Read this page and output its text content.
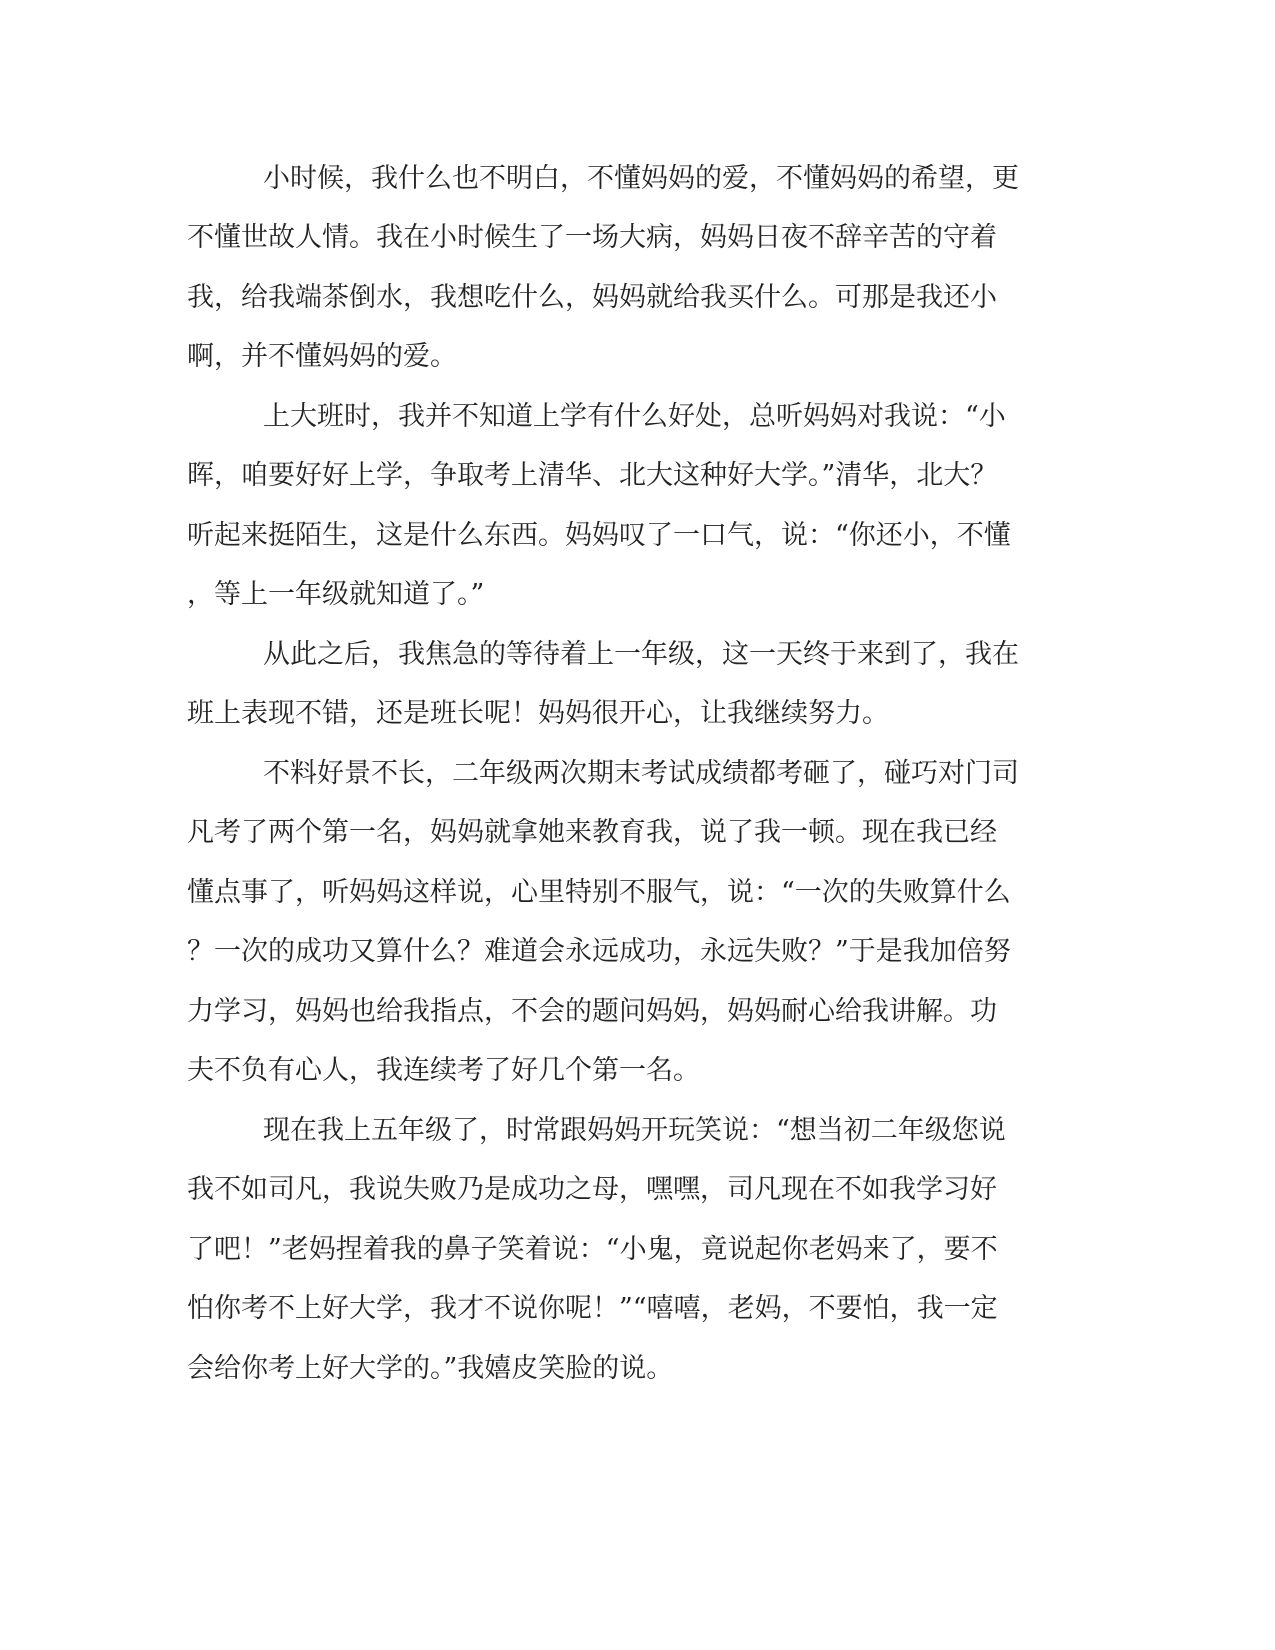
小时候，我什么也不明白，不懂妈妈的爱，不懂妈妈的希望，更
不懂世故人情。我在小时候生了一场大病，妈妈日夜不辞辛苦的守着
我，给我端茶倒水，我想吃什么，妈妈就给我买什么。可那是我还小
啊，并不懂妈妈的爱。
上大班时，我并不知道上学有什么好处，总听妈妈对我说：“小
晖，咱要好好上学，争取考上清华、北大这种好大学。”清华，北大？
听起来挺陌生，这是什么东西。妈妈叹了一口气，说：“你还小，不懂
，等上一年级就知道了。”
从此之后，我焦急的等待着上一年级，这一天终于来到了，我在
班上表现不错，还是班长呢！妈妈很开心，让我继续努力。
不料好景不长，二年级两次期末考试成绩都考砸了，碰巧对门司
凡考了两个第一名，妈妈就拿她来教育我，说了我一顿。现在我已经
懂点事了，听妈妈这样说，心里特别不服气，说：“一次的失败算什么
？一次的成功又算什么？难道会永远成功，永远失败？”于是我加倍努
力学习，妈妈也给我指点，不会的题问妈妈，妈妈耐心给我讲解。功
夫不负有心人，我连续考了好几个第一名。
现在我上五年级了，时常跟妈妈开玩笑说：“想当初二年级您说
我不如司凡，我说失败乃是成功之母，嘿嘿，司凡现在不如我学习好
了吧！”老妈捏着我的鼻子笑着说：“小鬼，竟说起你老妈来了，要不
怕你考不上好大学，我才不说你呢！”“嘻嘻，老妈，不要怕，我一定
会给你考上好大学的。”我嬉皮笑脸的说。
